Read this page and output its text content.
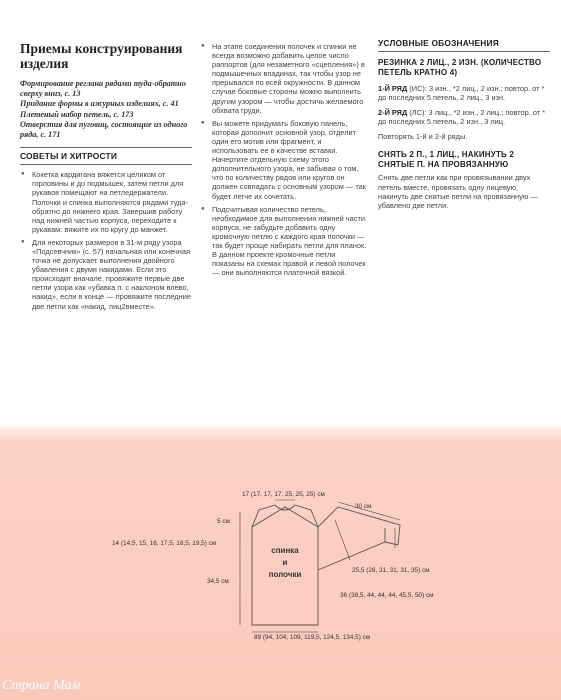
Приемы конструирования изделия

Формирование реглана рядами туда-обратно сверху вниз, с. 13

Придание формы в ажурных изделиях, с. 41

Плетеный набор петель, с. 173

Отверстия для пуговиц, состоящие из одного ряда, с. 171

СОВЕТЫ И ХИТРОСТИ
● Кокетка кардигана вяжется целиком от горловины и до подмышек, затем петли для рукавов помещают на петледержатели. Полочки и спинка выполняются рядами туда-обратно до нижнего края. Завершив работу над нижней частью корпуса, переходите к рукавам: вяжите их по кругу до манжет.
● Для некоторых размеров в 31-м ряду узора «Подсевчник» (с. 57) начальная или конечная точка не допускает выполнения двойного убавления с двумя накидами. Если это происходит вначале, провяжите первые две петли узора как «убавка п. с наклоном влево, накид», если в конце — провяжите последние две петли как «накид, лиц2вместе».
● На этапе соединения полочек и спинки не всегда возможно добавить целое число раппортов (для незаметного «сцепления») в подмышечных впадинах, так чтобы узор не прерывался по всей окружности. В данном случае боковые стороны можно выполнить другим узором — чтобы достичь желаемого обхвата груди.
● Вы можете придумать боковую панель, которая дополнит основной узор, отделит один его мотив или фрагмент, и использовать ее в качестве вставки. Начертите отдельную схему этого дополнительного узора, не забывая о том, что по количеству рядов или кругов он должен совпадать с основным узором — так будет легче их сочетать.
● Подсчитывая количество петель, необходимое для выполнения нижней части корпуса, не забудьте добавить одну кромочную петлю с каждого края полочки — так будет проще набирать петли для планок. В данном проекте кромочные петли показаны на схемах правой и левой полочек — они выполняются платочной вязкой.
УСЛОВНЫЕ ОБОЗНАЧЕНИЯ
РЕЗИНКА 2 ЛИЦ., 2 ИЗН. (КОЛИЧЕСТВО ПЕТЕЛЬ КРАТНО 4)
1-Й РЯД (ИС): 3 изн., *2 лиц., 2 изн.; повтор. от * до последних 5 петель, 2 лиц., 3 изн.
2-Й РЯД (ЛС): 3 лиц., *2 изн., 2 лиц.; повтор. от * до последних 5 петель, 2 изн., 3 лиц.
Повторять 1-й и 2-й ряды.
СНЯТЬ 2 П., 1 ЛИЦ., НАКИНУТЬ 2 СНЯТЫЕ П. НА ПРОВЯЗАННУЮ
Снять две петли как при провязывании двух петель вместе, провязать одну лицевую, накинуть две снятые петли на провязанную — убавлено две петли.
спинка
и
полочки
17 (17, 17, 17, 25, 25, 25) см
30 см
5 см
14 (14,5, 15, 16, 17,5, 18,5, 19,5) см
34,5 см
25,5 (28, 31, 31, 31, 35) см
36 (38,5, 44, 44, 44, 45,5, 50) см
89 (94, 104, 109, 119,5, 124,5, 134,5) см
Страна Мам
